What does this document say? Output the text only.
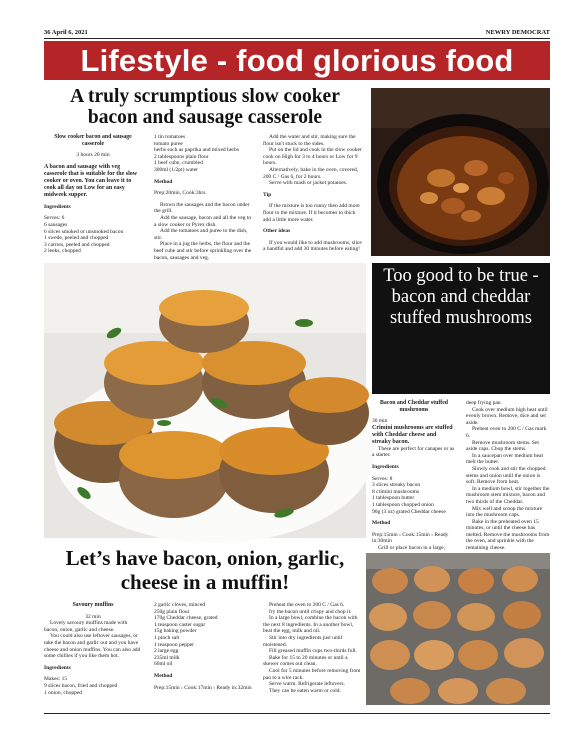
36 April 6, 2021	NEWRY DEMOCRAT
Lifestyle - food glorious food
A truly scrumptious slow cooker bacon and sausage casserole

Slow cooker bacon and sausage casserole

3 hours 20 min

A bacon and sausage with veg casserole that is suitable for the slow cooker or oven. You can leave it to cook all day on Low for an easy midweek supper.

Ingredients

Serves: 6

6 sausages

6 slices smoked or unsmoked bacon

1 swede, peeled and chopped

3 carrots, peeled and chopped

2 leeks, chopped

1 tin tomatoes

tomato puree

herbs such as paprika and mixed herbs

2 tablespoons plain flour

1 beef cube, crumbled

300ml (1/2pt) water

Method

Prep:20min, Cook:3hrs.

Brown the sausages and the bacon under the grill.

Add the sausage, bacon and all the veg to a slow cooker or Pyrex dish.

Add the tomatoes and puree to the dish, stir.

Place in a jug the herbs, the flour and the beef cube and stir before sprinkling over the bacon, sausages and veg.

Add the water and stir, making sure the flour isn't stuck to the sides.

Put on the lid and cook in the slow cooker cook on High for 3 to 4 hours or Low for 9 hours.

Alternatively, bake in the oven, covered, 200 C / Gas 6, for 2 hours.

Serve with mash or jacket potatoes.

Tip

If the mixture is too runny then add more flour to the mixture. If it becomes to thick add a little more water.

Other ideas

If you would like to add mushrooms, slice a handful and add 30 minutes before eating!

Too good to be true - bacon and cheddar stuffed mushrooms

Bacon and Cheddar stuffed mushrooms

30 min

Crimini mushrooms are stuffed with Cheddar cheese and streaky bacon.

These are perfect for canapes or as a starter.

Ingredients

Serves: 8

3 slices streaky bacon

8 crimini mushrooms

1 tablespoon butter

1 tablespoon chopped onion

90g (3 oz) grated Cheddar cheese

Method

Prep:15min › Cook:15min › Ready in:30min

Grill or place bacon in a large,

deep frying pan.

Cook over medium high heat until evenly brown. Remove, dice and set aside.

Preheat oven to 200 C / Gas mark 6.

Remove mushroom stems. Set aside caps. Chop the stems.

In a saucepan over medium heat melt the butter.

Slowly cook and stir the chopped stems and onion until the onion is soft. Remove from heat.

In a medium bowl, stir together the mushroom stem mixture, bacon and two thirds of the Cheddar.

Mix well and scoop the mixture into the mushroom caps.

Bake in the preheated oven 15 minutes, or until the cheese has melted. Remove the mushrooms from the oven, and sprinkle with the remaining cheese.

Let’s have bacon, onion, garlic, cheese in a muffin!

Savoury muffins

32 min

Lovely savoury muffins made with bacon, onion, garlic and cheese.

You could also use leftover sausages, or take the bacon and garlic out and you have cheese and onion muffins. You can also add some chillies if you like them hot.

Ingredients

Makes: 15

9 slices bacon, fried and chopped

1 onion, chopped

2 garlic cloves, minced

250g plain flour

170g Cheddar cheese, grated

1 teaspoon caster sugar

15g baking powder

1 pinch salt

1 teaspoon pepper

2 large egg

235ml milk

60ml oil

Method

Prep:15min › Cook:17min › Ready in:32min

Preheat the oven to 200 C / Gas 6.

fry the bacon until crispy and chop it.

In a large bowl, combine the bacon with the next 8 ingredients. In a another bowl, beat the egg, milk and oil.

Stir into dry ingredients just until moistened.

Fill greased muffin cups two-thirds full.

Bake for 15 to 20 minutes or until a skewer comes out clean.

Cool for 5 minutes before removing from pan to a wire rack.

Serve warm. Refrigerate leftovers.

They can be eaten warm or cold.
